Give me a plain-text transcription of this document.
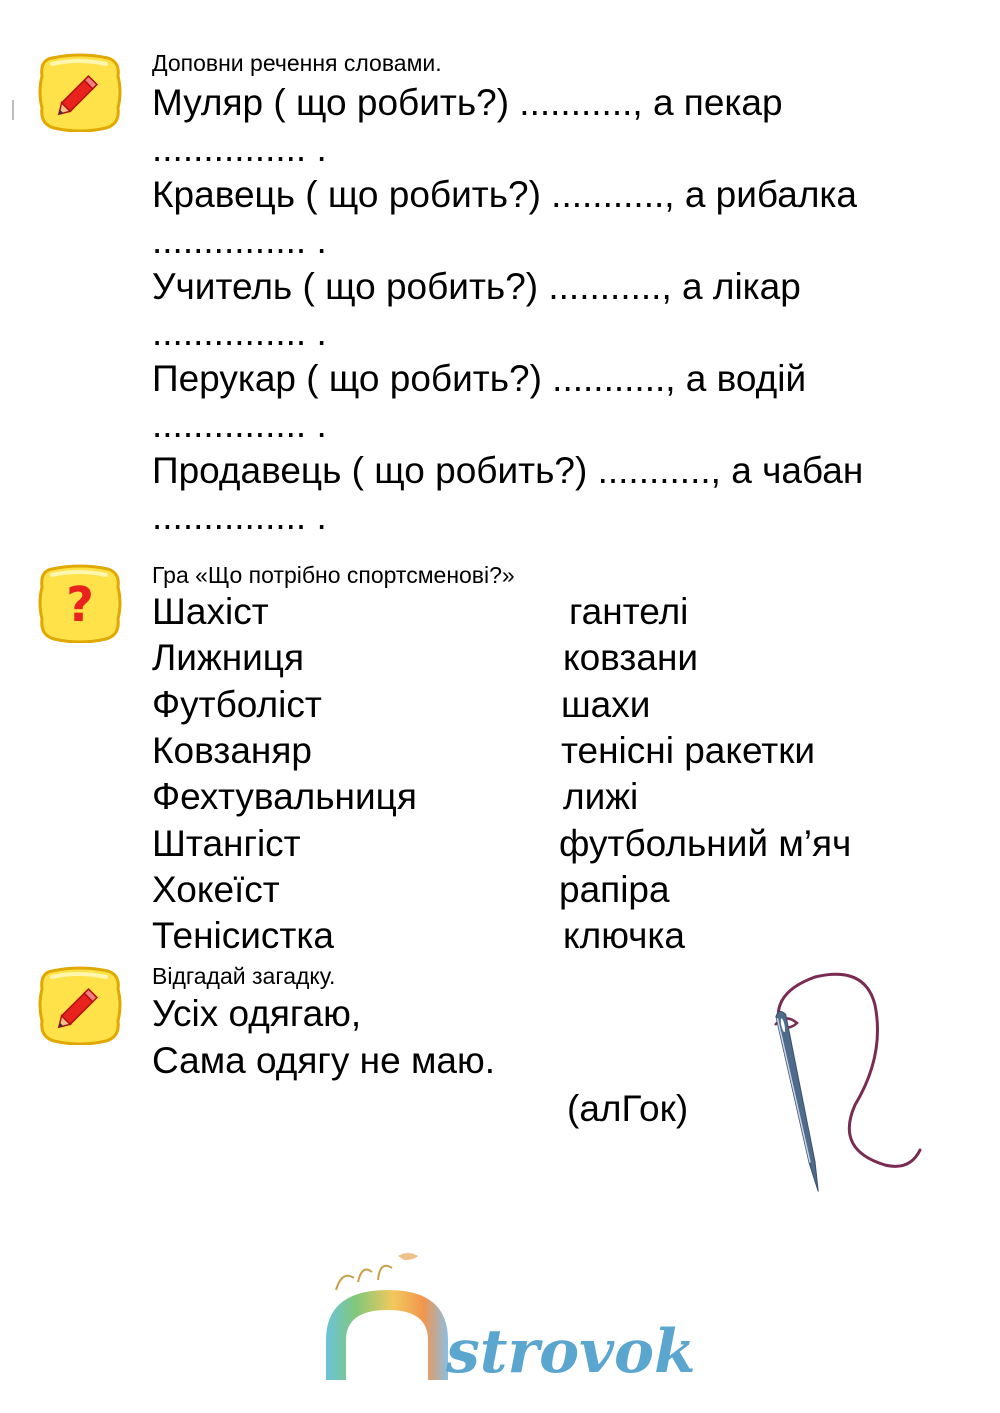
Доповни речення словами.
Муляр ( що робить?) ..........., а пекар
............... .
Кравець ( що робить?) ..........., а рибалка
............... .
Учитель ( що робить?) ..........., а лікар
............... .
Перукар ( що робить?) ..........., а водій
............... .
Продавець ( що робить?) ..........., а чабан
............... .
?
Гра «Що потрібно спортсменові?»
Шахіст
Лижниця
Футболіст
Ковзаняр
Фехтувальниця
Штангіст
Хокеїст
Тенісистка
гантелі
ковзани
шахи
тенісні ракетки
лижі
футбольний м’яч
рапіра
ключка
Відгадай загадку.
Усіх одягаю,
Сама одягу не маю.
(алГок)
strovok
